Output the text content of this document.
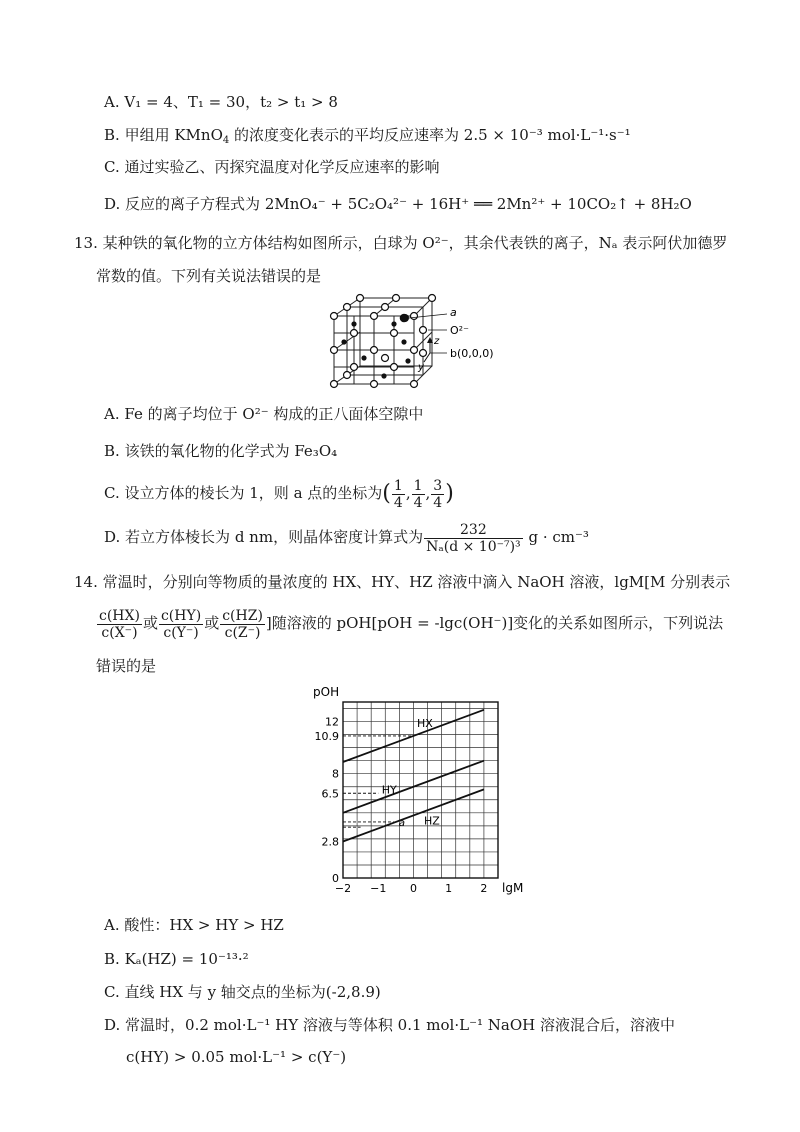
A. V₁ = 4、T₁ = 30，t₂ > t₁ > 8
B. 甲组用 KMnO$_4$ 的浓度变化表示的平均反应速率为 2.5 × 10⁻³ mol·L⁻¹·s⁻¹
C. 通过实验乙、丙探究温度对化学反应速率的影响
D. 反应的离子方程式为 2MnO₄⁻ + 5C₂O₄²⁻ + 16H⁺ ══ 2Mn²⁺ + 10CO₂↑ + 8H₂O
13. 某种铁的氧化物的立方体结构如图所示，白球为 O²⁻，其余代表铁的离子，Nₐ 表示阿伏加德罗
常数的值。下列有关说法错误的是
a
O²⁻
z
y
b(0,0,0)
A. Fe 的离子均位于 O²⁻ 构成的正八面体空隙中
B. 该铁的氧化物的化学式为 Fe₃O₄
C. 设立方体的棱长为 1，则 a 点的坐标为( $\frac{1}{4}$ , $\frac{1}{4}$ , $\frac{3}{4}$ )
D. 若立方体棱长为 d nm，则晶体密度计算式为 $\frac{232}{\text{Nₐ(d × 10⁻⁷)³}}$ g · cm⁻³
14. 常温时，分别向等物质的量浓度的 HX、HY、HZ 溶液中滴入 NaOH 溶液，lgM[M 分别表示
$\frac{c(HX)}{c(X^-)}$ 或 $\frac{c(HY)}{c(Y^-)}$ 或 $\frac{c(HZ)}{c(Z^-)}$ ]随溶液的 pOH[pOH = -lgc(OH⁻)]变化的关系如图所示，下列说法
错误的是
HX
HY
HZ
a
−2 −1 0	1	2
0
2.8
6.5
8
10.9
12
pOH
lgM
A. 酸性：HX > HY > HZ
B. Kₐ(HZ) = 10⁻¹³·²
C. 直线 HX 与 y 轴交点的坐标为(-2,8.9)
D. 常温时，0.2 mol·L⁻¹ HY 溶液与等体积 0.1 mol·L⁻¹ NaOH 溶液混合后，溶液中
c(HY) > 0.05 mol·L⁻¹ > c(Y⁻)
